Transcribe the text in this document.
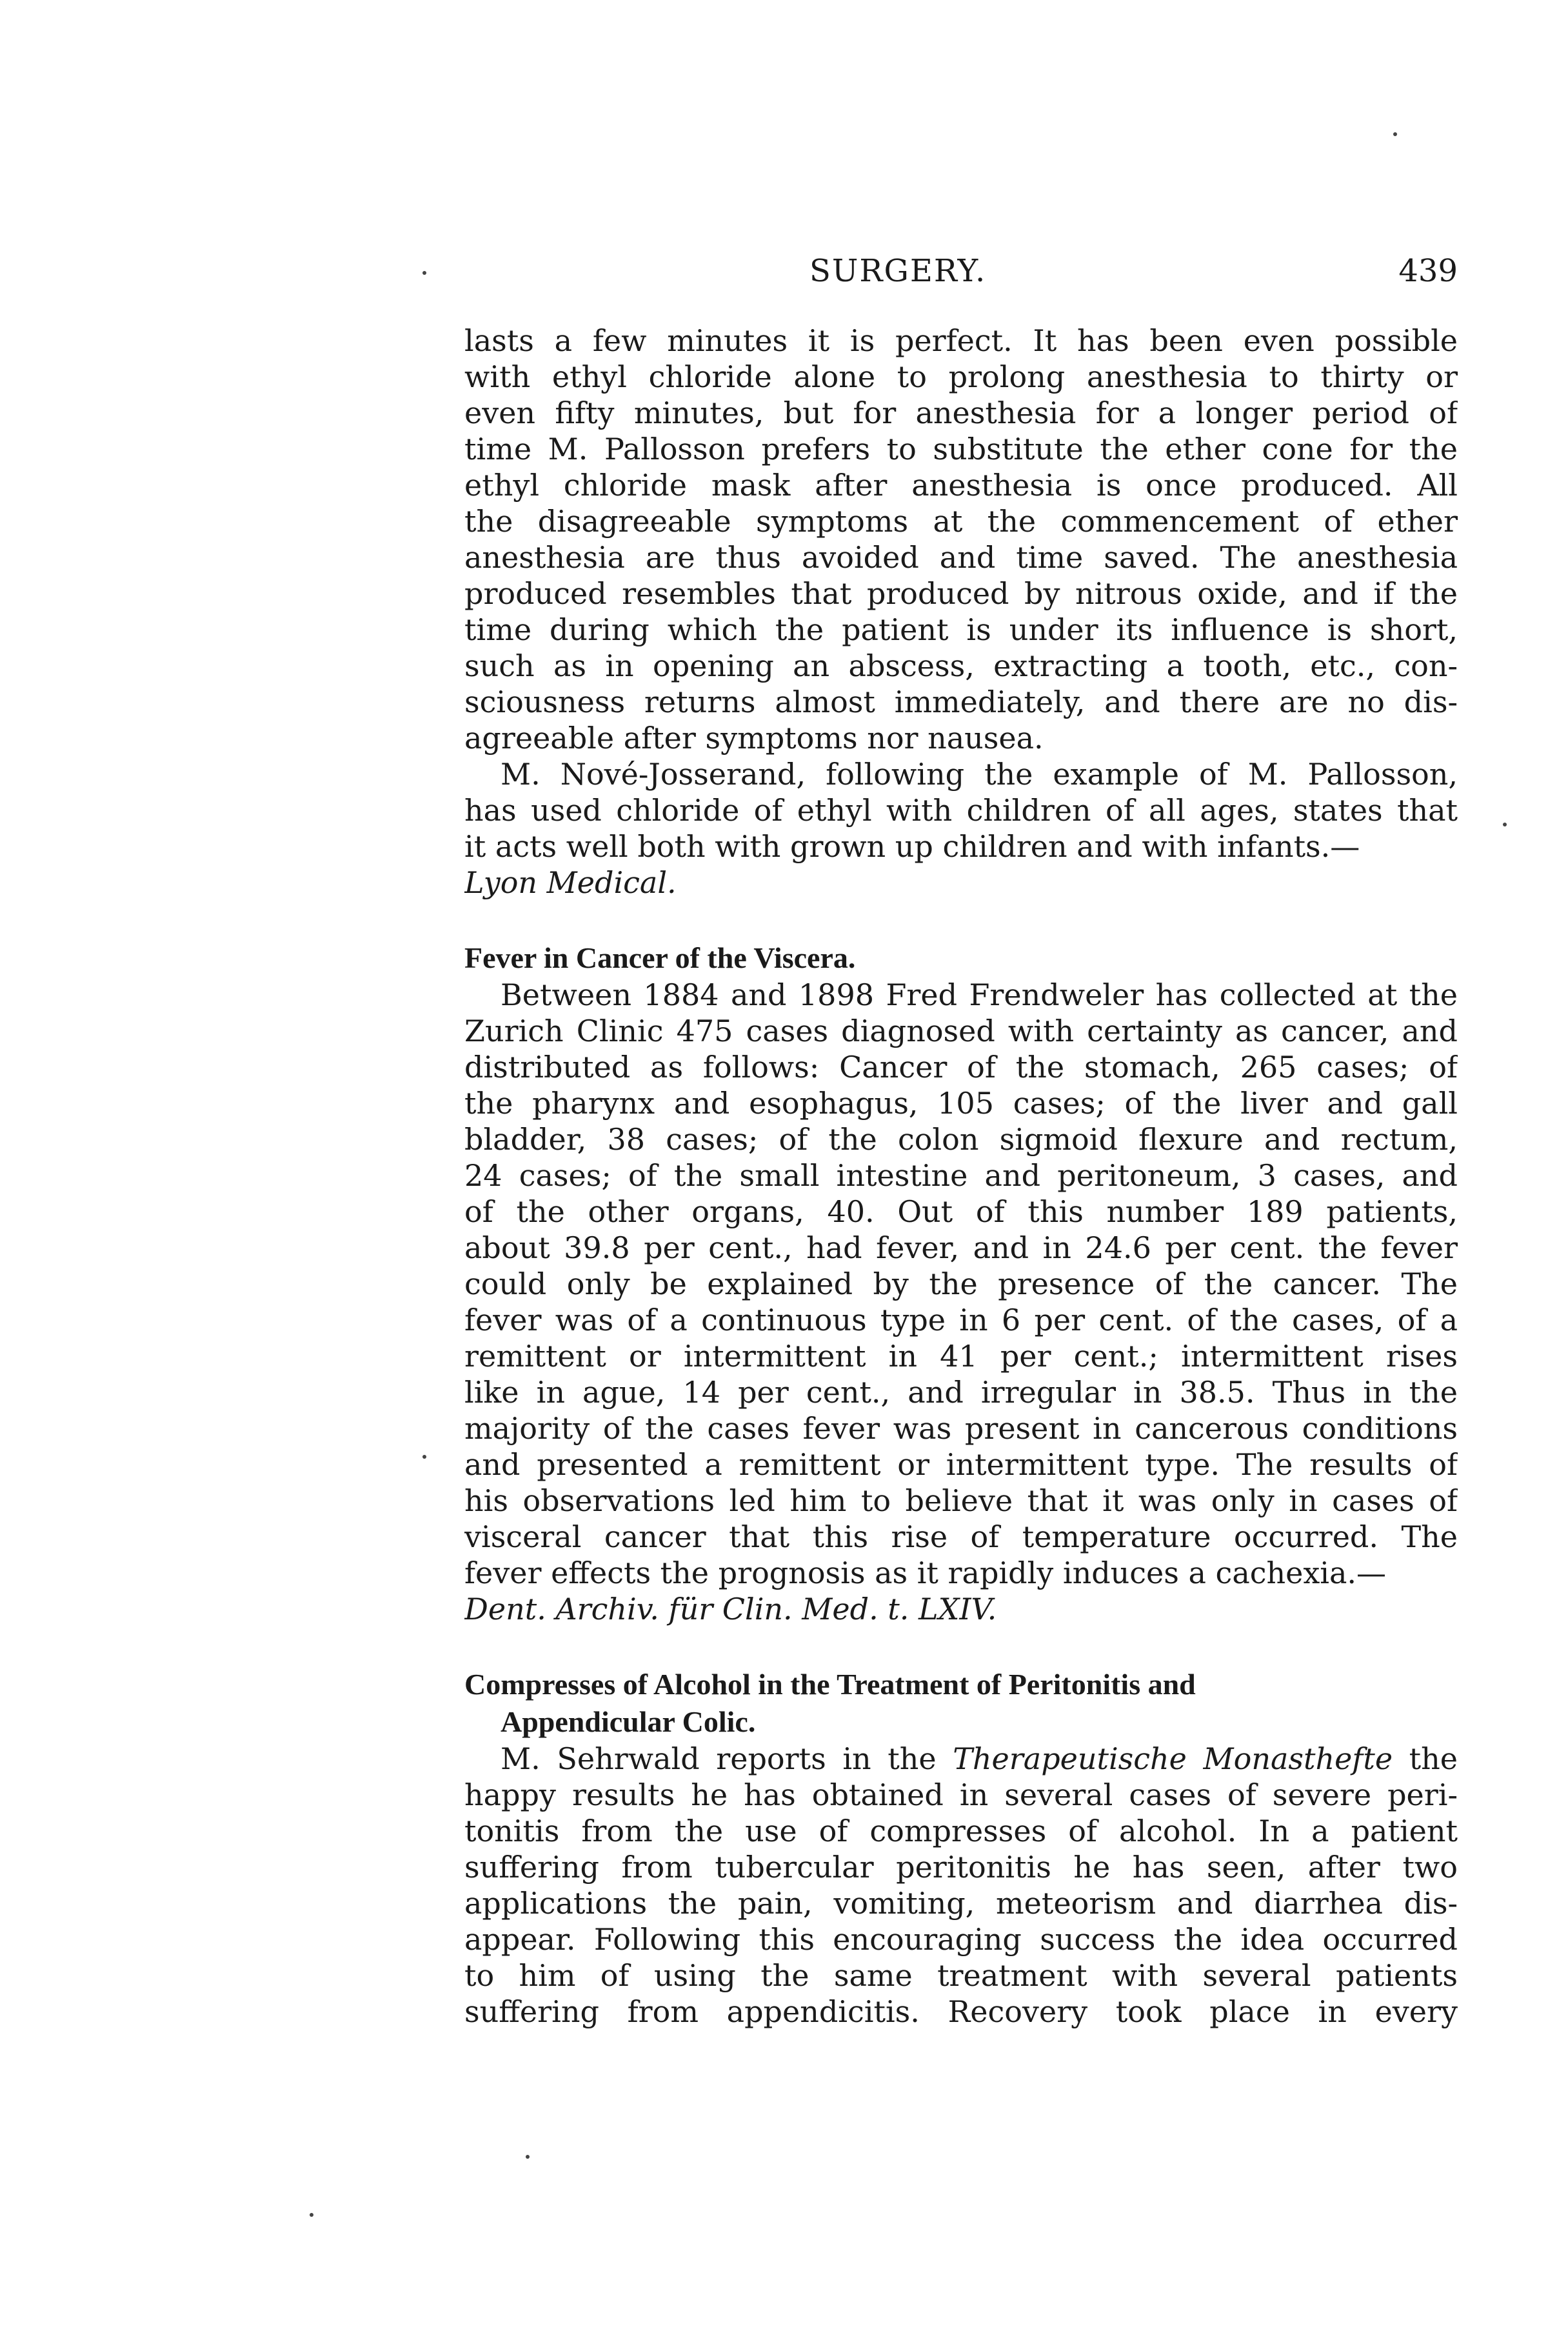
SURGERY.	439
lasts a few minutes it is perfect. It has been even possible
with ethyl chloride alone to prolong anesthesia to thirty or
even fifty minutes, but for anesthesia for a longer period of
time M. Pallosson prefers to substitute the ether cone for the
ethyl chloride mask after anesthesia is once produced. All
the disagreeable symptoms at the commencement of ether
anesthesia are thus avoided and time saved. The anesthesia
produced resembles that produced by nitrous oxide, and if the
time during which the patient is under its influence is short,
such as in opening an abscess, extracting a tooth, etc., con-
sciousness returns almost immediately, and there are no dis-
agreeable after symptoms nor nausea.
M. Nové-Josserand, following the example of M. Pallosson,
has used chloride of ethyl with children of all ages, states that
it acts well both with grown up children and with infants.—
Lyon Medical.
Fever in Cancer of the Viscera.
Between 1884 and 1898 Fred Frendweler has collected at the
Zurich Clinic 475 cases diagnosed with certainty as cancer, and
distributed as follows: Cancer of the stomach, 265 cases; of
the pharynx and esophagus, 105 cases; of the liver and gall
bladder, 38 cases; of the colon sigmoid flexure and rectum,
24 cases; of the small intestine and peritoneum, 3 cases, and
of the other organs, 40. Out of this number 189 patients,
about 39.8 per cent., had fever, and in 24.6 per cent. the fever
could only be explained by the presence of the cancer. The
fever was of a continuous type in 6 per cent. of the cases, of a
remittent or intermittent in 41 per cent.; intermittent rises
like in ague, 14 per cent., and irregular in 38.5. Thus in the
majority of the cases fever was present in cancerous conditions
and presented a remittent or intermittent type. The results of
his observations led him to believe that it was only in cases of
visceral cancer that this rise of temperature occurred. The
fever effects the prognosis as it rapidly induces a cachexia.—
Dent. Archiv. für Clin. Med. t. LXIV.
Compresses of Alcohol in the Treatment of Peritonitis and
Appendicular Colic.
M. Sehrwald reports in the Therapeutische Monasthefte the
happy results he has obtained in several cases of severe peri-
tonitis from the use of compresses of alcohol. In a patient
suffering from tubercular peritonitis he has seen, after two
applications the pain, vomiting, meteorism and diarrhea dis-
appear. Following this encouraging success the idea occurred
to him of using the same treatment with several patients
suffering from appendicitis. Recovery took place in every
